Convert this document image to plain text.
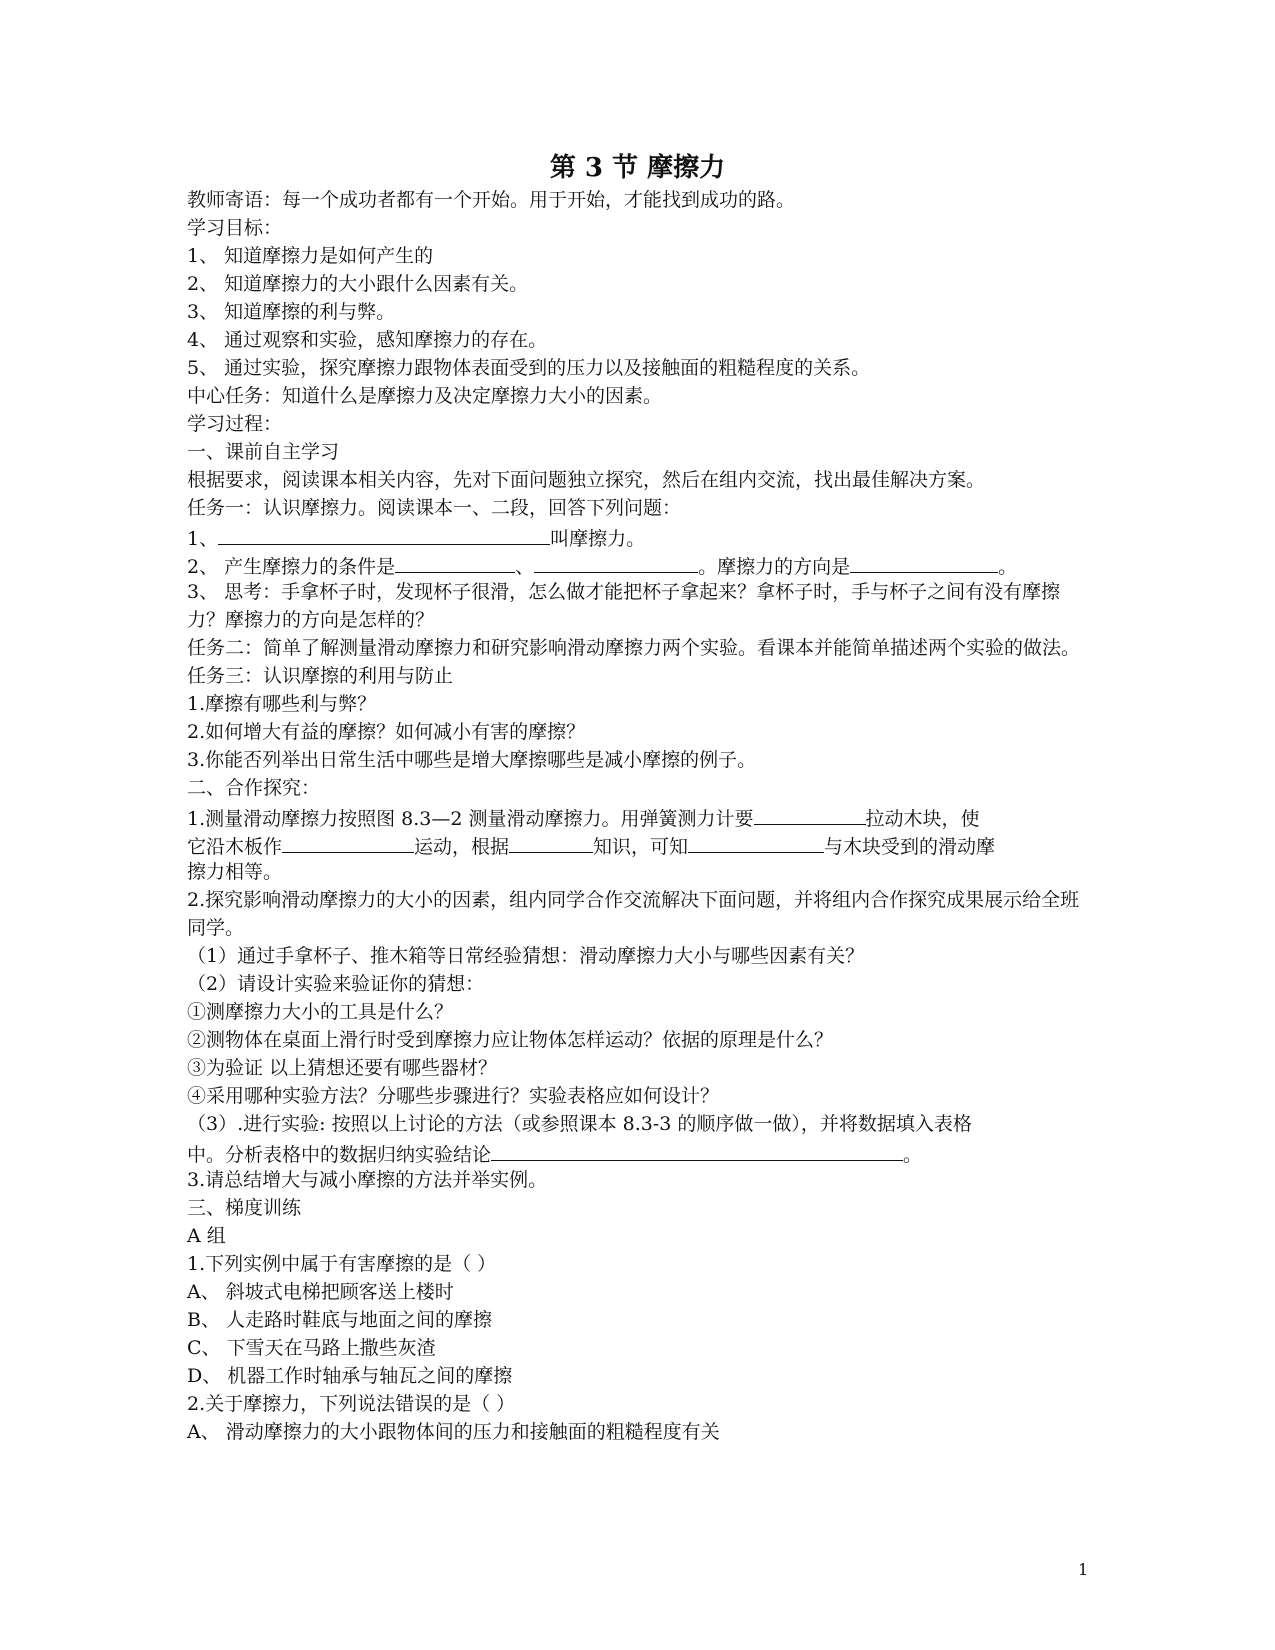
第 3 节 摩擦力

教师寄语：每一个成功者都有一个开始。用于开始，才能找到成功的路。

学习目标：

1、 知道摩擦力是如何产生的

2、 知道摩擦力的大小跟什么因素有关。

3、 知道摩擦的利与弊。

4、 通过观察和实验，感知摩擦力的存在。

5、 通过实验，探究摩擦力跟物体表面受到的压力以及接触面的粗糙程度的关系。

中心任务：知道什么是摩擦力及决定摩擦力大小的因素。

学习过程：

一、课前自主学习

根据要求，阅读课本相关内容，先对下面问题独立探究，然后在组内交流，找出最佳解决方案。

任务一：认识摩擦力。阅读课本一、二段，回答下列问题：

1、	叫摩擦力。

2、 产生摩擦力的条件是	、	。摩擦力的方向是	。

3、 思考：手拿杯子时，发现杯子很滑，怎么做才能把杯子拿起来？拿杯子时，手与杯子之间有没有摩擦力？摩擦力的方向是怎样的？

任务二：简单了解测量滑动摩擦力和研究影响滑动摩擦力两个实验。看课本并能简单描述两个实验的做法。

任务三：认识摩擦的利用与防止

1.摩擦有哪些利与弊？

2.如何增大有益的摩擦？如何减小有害的摩擦？

3.你能否列举出日常生活中哪些是增大摩擦哪些是减小摩擦的例子。

二、合作探究：

1.测量滑动摩擦力按照图 8.3—2 测量滑动摩擦力。用弹簧测力计要	拉动木块，使

它沿木板作	运动，根据	知识，可知	与木块受到的滑动摩

擦力相等。

2.探究影响滑动摩擦力的大小的因素，组内同学合作交流解决下面问题，并将组内合作探究成果展示给全班同学。

（1）通过手拿杯子、推木箱等日常经验猜想：滑动摩擦力大小与哪些因素有关？

（2）请设计实验来验证你的猜想：

①测摩擦力大小的工具是什么？

②测物体在桌面上滑行时受到摩擦力应让物体怎样运动？依据的原理是什么？

③为验证 以上猜想还要有哪些器材？

④采用哪种实验方法？分哪些步骤进行？实验表格应如何设计？

（3）.进行实验: 按照以上讨论的方法（或参照课本 8.3-3 的顺序做一做），并将数据填入表格

中。分析表格中的数据归纳实验结论	。

3.请总结增大与减小摩擦的方法并举实例。

三、梯度训练

A 组

1.下列实例中属于有害摩擦的是（ ）

A、 斜坡式电梯把顾客送上楼时

B、 人走路时鞋底与地面之间的摩擦

C、 下雪天在马路上撒些灰渣

D、 机器工作时轴承与轴瓦之间的摩擦

2.关于摩擦力，下列说法错误的是（ ）

A、 滑动摩擦力的大小跟物体间的压力和接触面的粗糙程度有关

1
